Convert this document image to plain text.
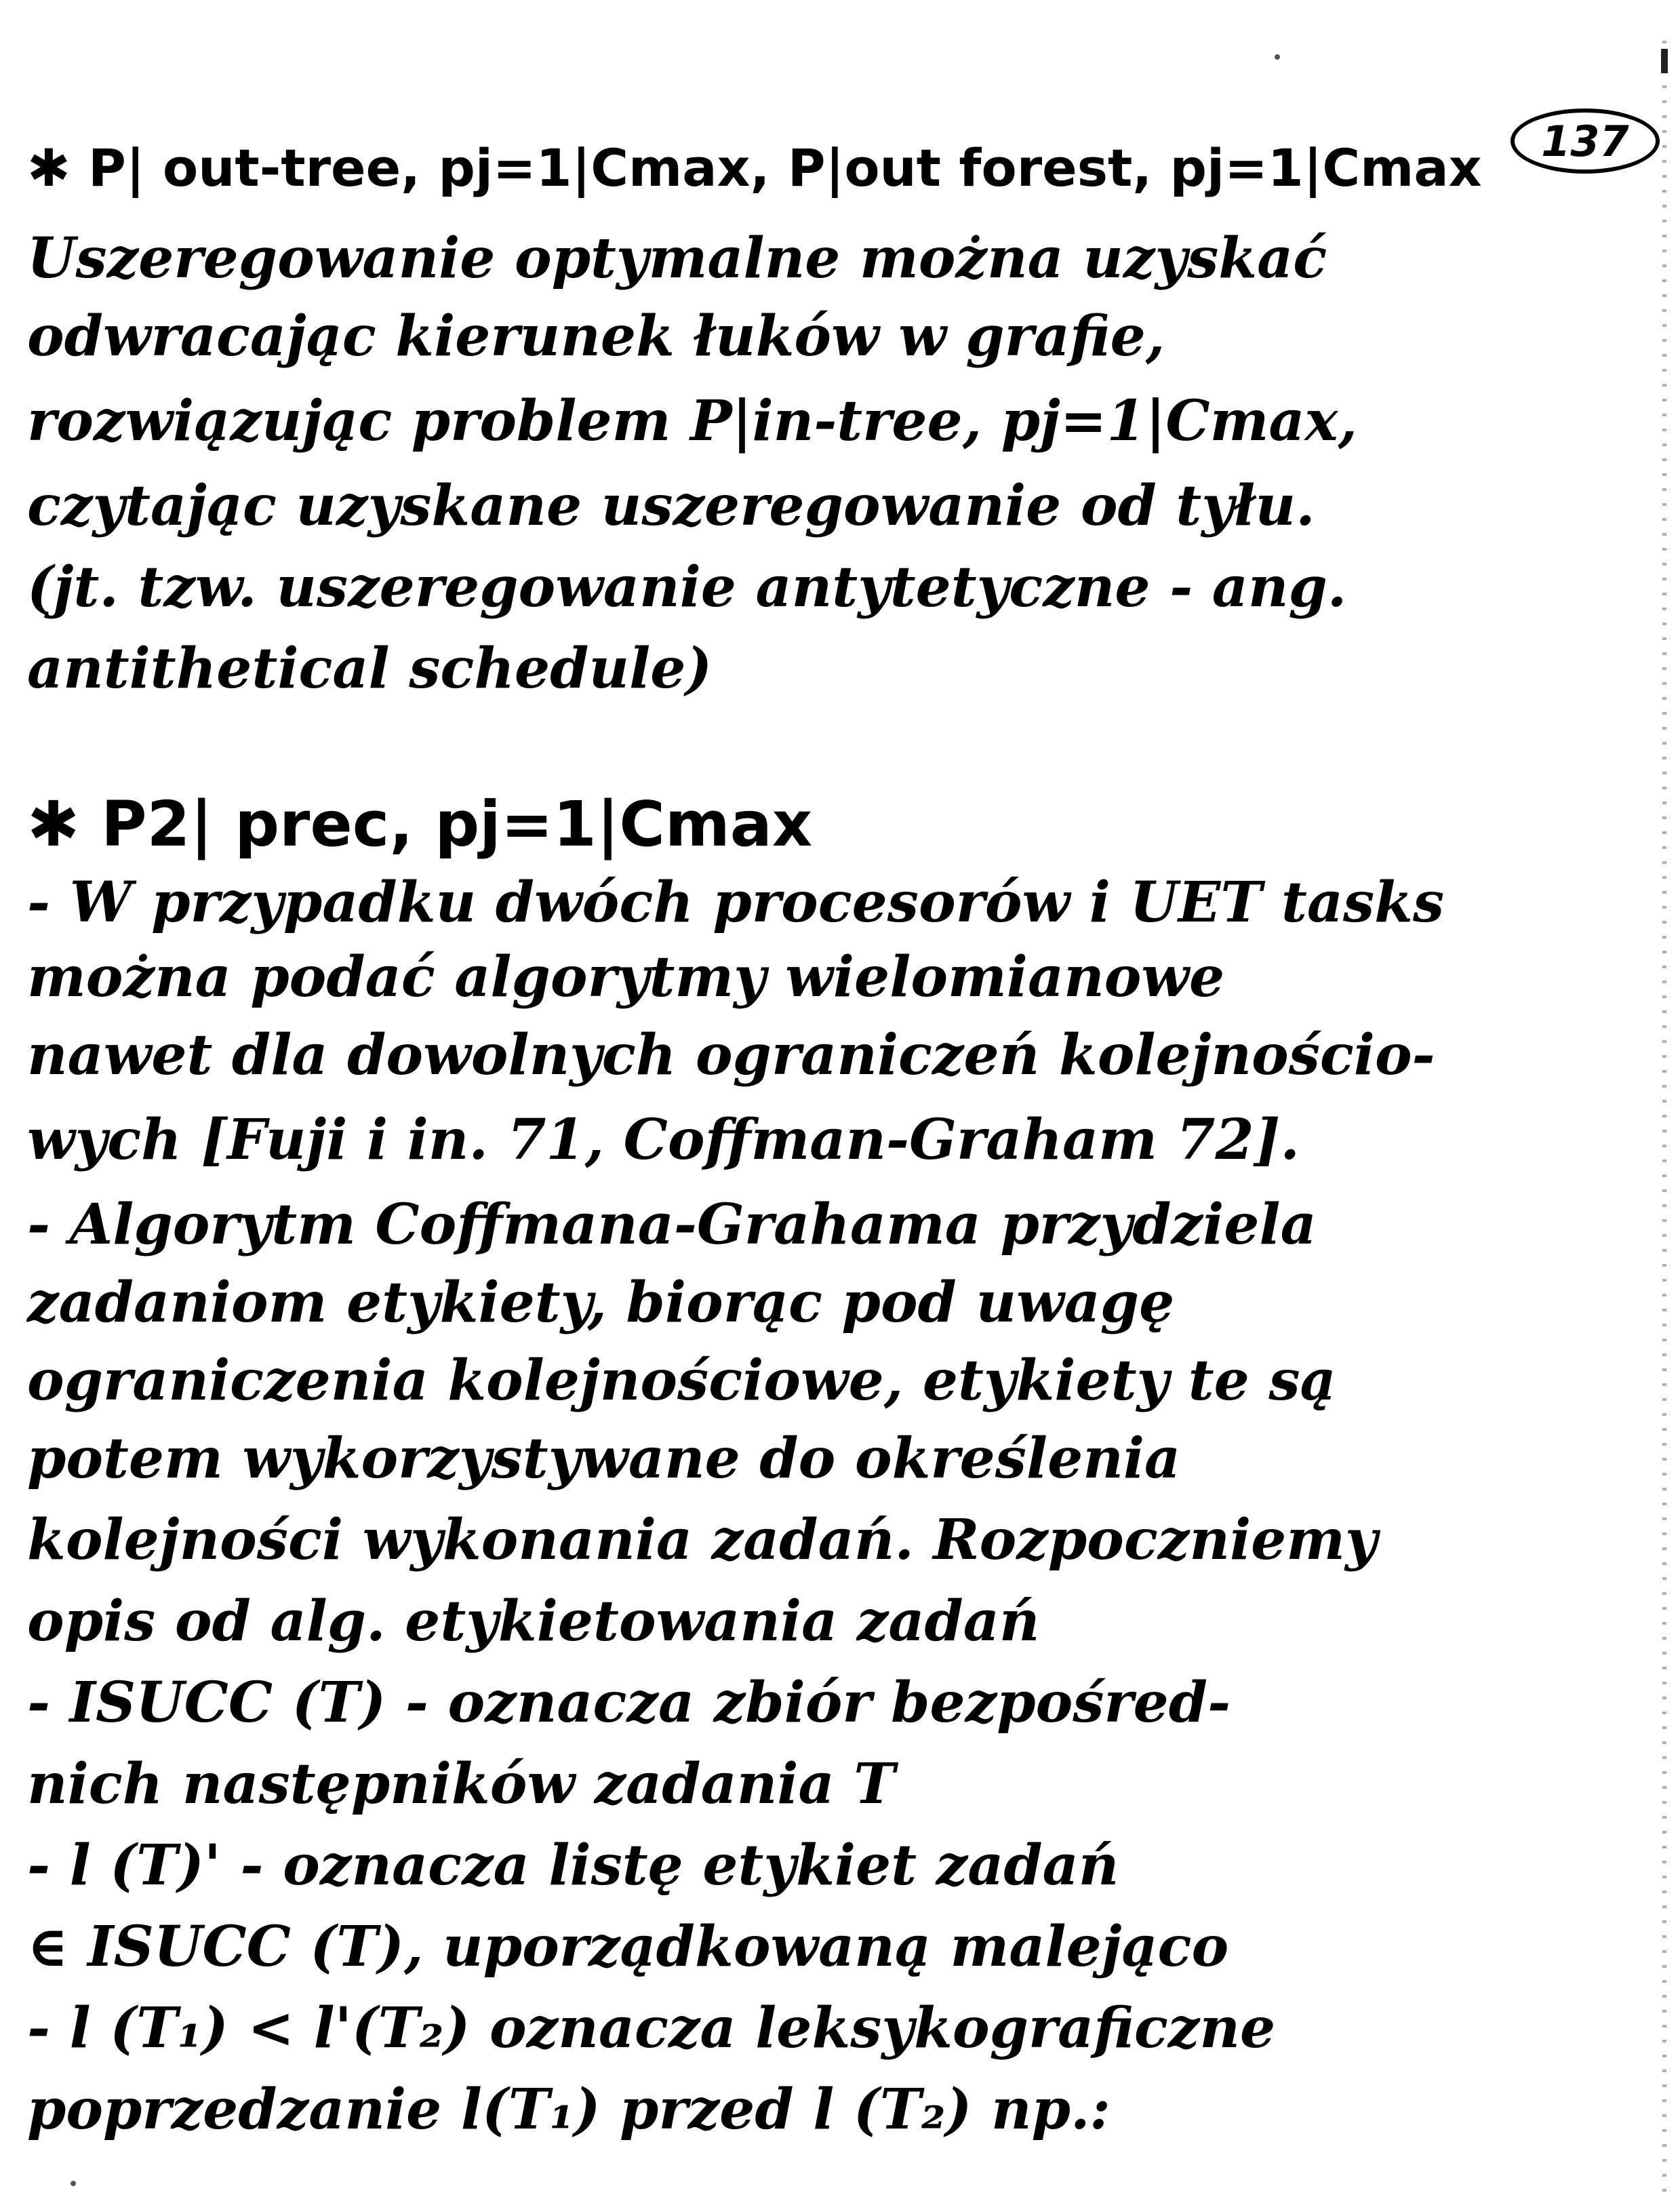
✱ P| out-tree, pj=1|Cmax, P|out forest, pj=1|Cmax	137
Uszeregowanie optymalne można uzyskać
odwracając kierunek łuków w grafie,
rozwiązując problem P|in-tree, pj=1|Cmax,
czytając uzyskane uszeregowanie od tyłu.
(jt. tzw. uszeregowanie antytetyczne - ang.
antithetical schedule)
✱ P2| prec, pj=1|Cmax
- W przypadku dwóch procesorów i UET tasks
można podać algorytmy wielomianowe
nawet dla dowolnych ograniczeń kolejnościo-
wych [Fuji i in. 71, Coffman-Graham 72].
- Algorytm Coffmana-Grahama przydziela
zadaniom etykiety, biorąc pod uwagę
ograniczenia kolejnościowe, etykiety te są
potem wykorzystywane do określenia
kolejności wykonania zadań. Rozpoczniemy
opis od alg. etykietowania zadań
- ISUCC (T) - oznacza zbiór bezpośred-
nich następników zadania T
- l (T)' - oznacza listę etykiet zadań
∈ ISUCC (T), uporządkowaną malejąco
- l (T₁) < l'(T₂) oznacza leksykograficzne
poprzedzanie l(T₁) przed l (T₂) np.:
